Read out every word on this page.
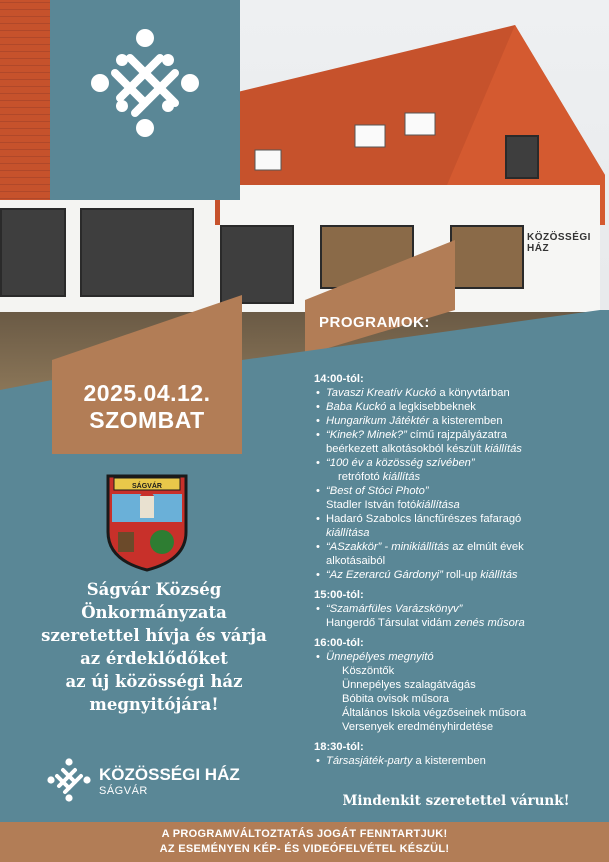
KÖZÖSSÉGI HÁZ
2025.04.12.
SZOMBAT
PROGRAMOK:
SÁGVÁR
14:00-tól:
• Tavaszi Kreatív Kuckó a könyvtárban
• Baba Kuckó a legkisebbeknek
• Hungarikum Játéktér a kisteremben
• “Kinek? Minek?” című rajzpályázatra
beérkezett alkotásokból készült kiállítás
• “100 év a közösség szívében”
retrófotó kiállítás
• “Best of Stóci Photo”
Stadler István fotókiállítása
• Hadaró Szabolcs láncfűrészes fafaragó
kiállítása
• “ASzakkör” - minikiállítás az elmúlt évek
alkotásaiból
• “Az Ezerarcú Gárdonyi” roll-up kiállítás
15:00-tól:
• “Szamárfüles Varázskönyv”
Hangerdő Társulat vidám zenés műsora
16:00-tól:
• Ünnepélyes megnyitó
Köszöntők
Ünnepélyes szalagátvágás
Bóbita ovisok műsora
Általános Iskola végzőseinek műsora
Versenyek eredményhirdetése
18:30-tól:
• Társasjáték-party a kisteremben
Ságvár Község
Önkormányzata
szeretettel hívja és várja
az érdeklődőket
az új közösségi ház
megnyitójára!
KÖZÖSSÉGI HÁZ
SÁGVÁR
Mindenkit szeretettel várunk!
A PROGRAMVÁLTOZTATÁS JOGÁT FENNTARTJUK!
AZ ESEMÉNYEN KÉP- ÉS VIDEÓFELVÉTEL KÉSZÜL!
